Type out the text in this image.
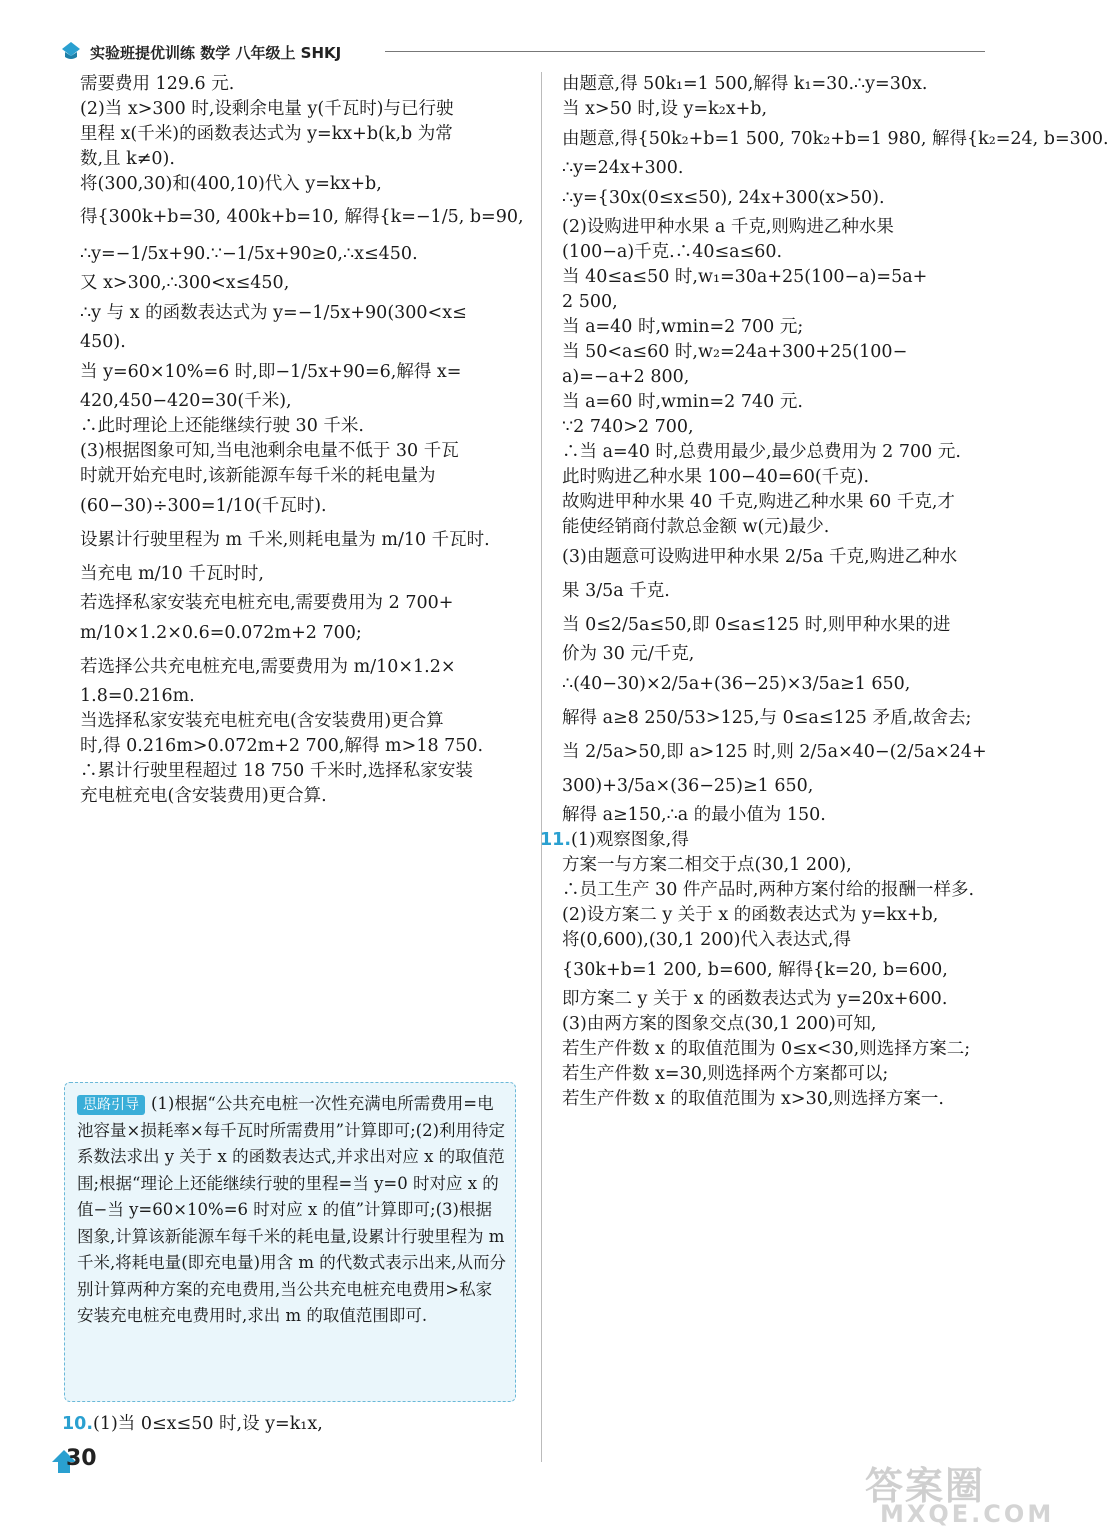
实验班提优训练 数学 八年级上 SHKJ
需要费用 129.6 元.
(2)当 x>300 时,设剩余电量 y(千瓦时)与已行驶
里程 x(千米)的函数表达式为 y=kx+b(k,b 为常
数,且 k≠0).
将(300,30)和(400,10)代入 y=kx+b,
得{300k+b=30, 400k+b=10, 解得{k=−1/5, b=90,
∴y=−1/5x+90.∵−1/5x+90≥0,∴x≤450.
又 x>300,∴300<x≤450,
∴y 与 x 的函数表达式为 y=−1/5x+90(300<x≤
450).
当 y=60×10%=6 时,即−1/5x+90=6,解得 x=
420,450−420=30(千米),
∴此时理论上还能继续行驶 30 千米.
(3)根据图象可知,当电池剩余电量不低于 30 千瓦
时就开始充电时,该新能源车每千米的耗电量为
(60−30)÷300=1/10(千瓦时).
设累计行驶里程为 m 千米,则耗电量为 m/10 千瓦时.
当充电 m/10 千瓦时时,
若选择私家安装充电桩充电,需要费用为 2 700+
m/10×1.2×0.6=0.072m+2 700;
若选择公共充电桩充电,需要费用为 m/10×1.2×
1.8=0.216m.
当选择私家安装充电桩充电(含安装费用)更合算
时,得 0.216m>0.072m+2 700,解得 m>18 750.
∴累计行驶里程超过 18 750 千米时,选择私家安装
充电桩充电(含安装费用)更合算.
思路引导 (1)根据“公共充电桩一次性充满电所需费用=电池容量×损耗率×每千瓦时所需费用”计算即可;(2)利用待定系数法求出 y 关于 x 的函数表达式,并求出对应 x 的取值范围;根据“理论上还能继续行驶的里程=当 y=0 时对应 x 的值−当 y=60×10%=6 时对应 x 的值”计算即可;(3)根据图象,计算该新能源车每千米的耗电量,设累计行驶里程为 m 千米,将耗电量(即充电量)用含 m 的代数式表示出来,从而分别计算两种方案的充电费用,当公共充电桩充电费用>私家安装充电桩充电费用时,求出 m 的取值范围即可.
10.(1)当 0≤x≤50 时,设 y=k₁x,
由题意,得 50k₁=1 500,解得 k₁=30.∴y=30x.
当 x>50 时,设 y=k₂x+b,
由题意,得{50k₂+b=1 500, 70k₂+b=1 980, 解得{k₂=24, b=300.
∴y=24x+300.
∴y={30x(0≤x≤50), 24x+300(x>50).
(2)设购进甲种水果 a 千克,则购进乙种水果
(100−a)千克.∴40≤a≤60.
当 40≤a≤50 时,w₁=30a+25(100−a)=5a+
2 500,
当 a=40 时,wmin=2 700 元;
当 50<a≤60 时,w₂=24a+300+25(100−
a)=−a+2 800,
当 a=60 时,wmin=2 740 元.
∵2 740>2 700,
∴当 a=40 时,总费用最少,最少总费用为 2 700 元.
此时购进乙种水果 100−40=60(千克).
故购进甲种水果 40 千克,购进乙种水果 60 千克,才
能使经销商付款总金额 w(元)最少.
(3)由题意可设购进甲种水果 2/5a 千克,购进乙种水
果 3/5a 千克.
当 0≤2/5a≤50,即 0≤a≤125 时,则甲种水果的进
价为 30 元/千克,
∴(40−30)×2/5a+(36−25)×3/5a≥1 650,
解得 a≥8 250/53>125,与 0≤a≤125 矛盾,故舍去;
当 2/5a>50,即 a>125 时,则 2/5a×40−(2/5a×24+
300)+3/5a×(36−25)≥1 650,
解得 a≥150,∴a 的最小值为 150.
11.(1)观察图象,得
方案一与方案二相交于点(30,1 200),
∴员工生产 30 件产品时,两种方案付给的报酬一样多.
(2)设方案二 y 关于 x 的函数表达式为 y=kx+b,
将(0,600),(30,1 200)代入表达式,得
{30k+b=1 200, b=600, 解得{k=20, b=600,
即方案二 y 关于 x 的函数表达式为 y=20x+600.
(3)由两方案的图象交点(30,1 200)可知,
若生产件数 x 的取值范围为 0≤x<30,则选择方案二;
若生产件数 x=30,则选择两个方案都可以;
若生产件数 x 的取值范围为 x>30,则选择方案一.
30
答案圈
MXQE.COM
